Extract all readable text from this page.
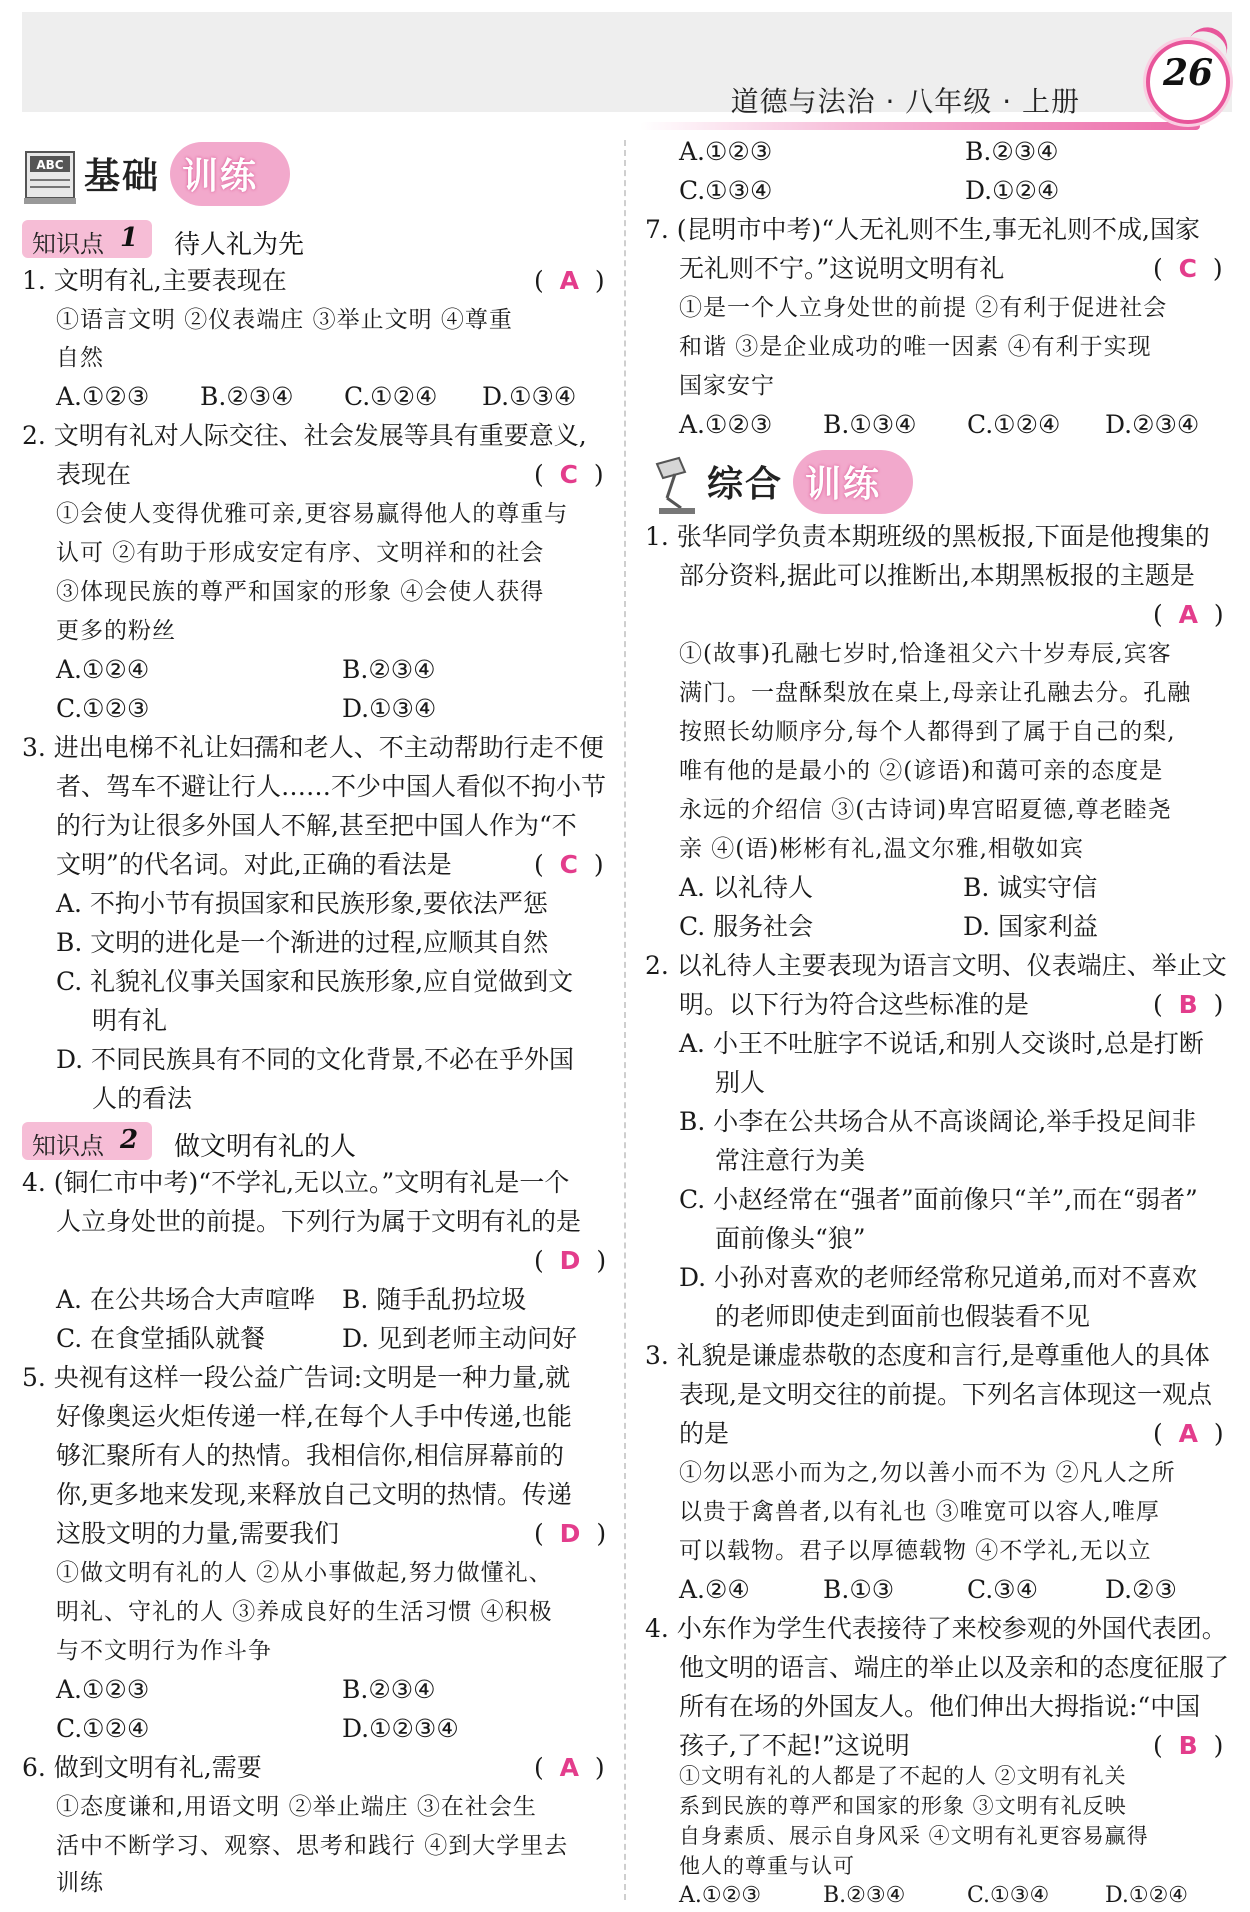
道德与法治 · 八年级 · 上册
26
ABC 基础 训练
知识点 1 待人礼为先
1. 文明有礼,主要表现在	(  A  )
①语言文明 ②仪表端庄 ③举止文明 ④尊重
自然
A.①②③ B.②③④ C.①②④ D.①③④
2. 文明有礼对人际交往、社会发展等具有重要意义,
表现在	(  C  )
①会使人变得优雅可亲,更容易赢得他人的尊重与
认可 ②有助于形成安定有序、文明祥和的社会
③体现民族的尊严和国家的形象 ④会使人获得
更多的粉丝
A.①②④	B.②③④
C.①②③	D.①③④
3. 进出电梯不礼让妇孺和老人、不主动帮助行走不便
者、驾车不避让行人……不少中国人看似不拘小节
的行为让很多外国人不解,甚至把中国人作为“不
文明”的代名词。对此,正确的看法是	(  C  )
A. 不拘小节有损国家和民族形象,要依法严惩
B. 文明的进化是一个渐进的过程,应顺其自然
C. 礼貌礼仪事关国家和民族形象,应自觉做到文
明有礼
D. 不同民族具有不同的文化背景,不必在乎外国
人的看法
知识点 2 做文明有礼的人
4. (铜仁市中考)“不学礼,无以立。”文明有礼是一个
人立身处世的前提。下列行为属于文明有礼的是
(  D  )
A. 在公共场合大声喧哗 B. 随手乱扔垃圾
C. 在食堂插队就餐	D. 见到老师主动问好
5. 央视有这样一段公益广告词:文明是一种力量,就
好像奥运火炬传递一样,在每个人手中传递,也能
够汇聚所有人的热情。我相信你,相信屏幕前的
你,更多地来发现,来释放自己文明的热情。传递
这股文明的力量,需要我们	(  D  )
①做文明有礼的人 ②从小事做起,努力做懂礼、
明礼、守礼的人 ③养成良好的生活习惯 ④积极
与不文明行为作斗争
A.①②③	B.②③④
C.①②④	D.①②③④
6. 做到文明有礼,需要	(  A  )
①态度谦和,用语文明 ②举止端庄 ③在社会生
活中不断学习、观察、思考和践行 ④到大学里去
训练
A.①②③	B.②③④
C.①③④	D.①②④
7. (昆明市中考)“人无礼则不生,事无礼则不成,国家
无礼则不宁。”这说明文明有礼	(  C  )
①是一个人立身处世的前提 ②有利于促进社会
和谐 ③是企业成功的唯一因素 ④有利于实现
国家安宁
A.①②③ B.①③④ C.①②④ D.②③④
综合 训练
1. 张华同学负责本期班级的黑板报,下面是他搜集的
部分资料,据此可以推断出,本期黑板报的主题是
(  A  )
①(故事)孔融七岁时,恰逢祖父六十岁寿辰,宾客
满门。一盘酥梨放在桌上,母亲让孔融去分。孔融
按照长幼顺序分,每个人都得到了属于自己的梨,
唯有他的是最小的 ②(谚语)和蔼可亲的态度是
永远的介绍信 ③(古诗词)卑宫昭夏德,尊老睦尧
亲 ④(语)彬彬有礼,温文尔雅,相敬如宾
A. 以礼待人	B. 诚实守信
C. 服务社会	D. 国家利益
2. 以礼待人主要表现为语言文明、仪表端庄、举止文
明。以下行为符合这些标准的是	(  B  )
A. 小王不吐脏字不说话,和别人交谈时,总是打断
别人
B. 小李在公共场合从不高谈阔论,举手投足间非
常注意行为美
C. 小赵经常在“强者”面前像只“羊”,而在“弱者”
面前像头“狼”
D. 小孙对喜欢的老师经常称兄道弟,而对不喜欢
的老师即使走到面前也假装看不见
3. 礼貌是谦虚恭敬的态度和言行,是尊重他人的具体
表现,是文明交往的前提。下列名言体现这一观点
的是	(  A  )
①勿以恶小而为之,勿以善小而不为 ②凡人之所
以贵于禽兽者,以有礼也 ③唯宽可以容人,唯厚
可以载物。君子以厚德载物 ④不学礼,无以立
A.②④	B.①③	C.③④	D.②③
4. 小东作为学生代表接待了来校参观的外国代表团。
他文明的语言、端庄的举止以及亲和的态度征服了
所有在场的外国友人。他们伸出大拇指说:“中国
孩子,了不起!”这说明	(  B  )
①文明有礼的人都是了不起的人 ②文明有礼关
系到民族的尊严和国家的形象 ③文明有礼反映
自身素质、展示自身风采 ④文明有礼更容易赢得
他人的尊重与认可
A.①②③	B.②③④	C.①③④	D.①②④
